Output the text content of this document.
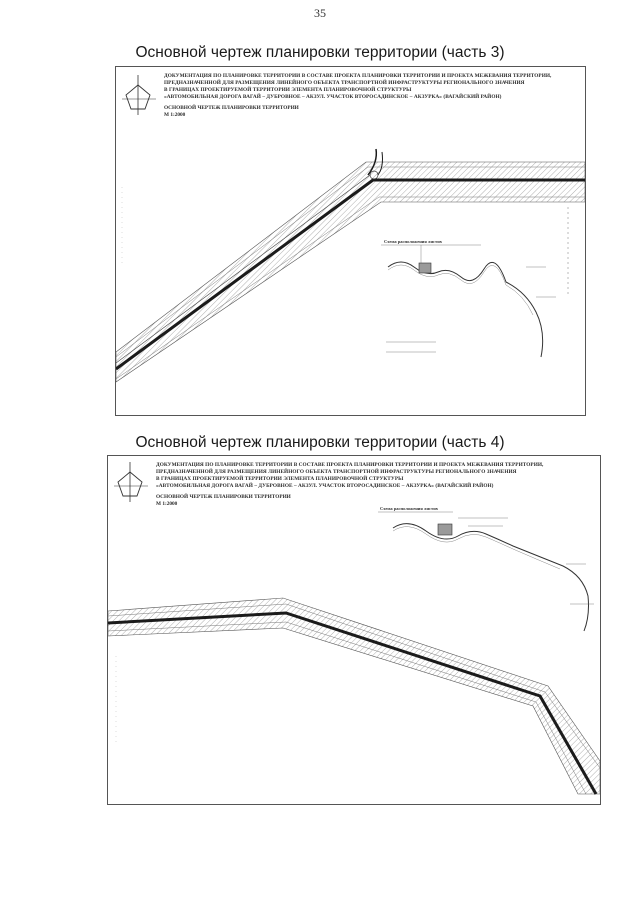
35
Основной чертеж планировки территории (часть 3)
ДОКУМЕНТАЦИЯ ПО ПЛАНИРОВКЕ ТЕРРИТОРИИ В СОСТАВЕ ПРОЕКТА ПЛАНИРОВКИ ТЕРРИТОРИИ И ПРОЕКТА МЕЖЕВАНИЯ ТЕРРИТОРИИ,
ПРЕДНАЗНАЧЕННОЙ ДЛЯ РАЗМЕЩЕНИЯ ЛИНЕЙНОГО ОБЪЕКТА ТРАНСПОРТНОЙ ИНФРАСТРУКТУРЫ РЕГИОНАЛЬНОГО ЗНАЧЕНИЯ
В ГРАНИЦАХ ПРОЕКТИРУЕМОЙ ТЕРРИТОРИИ ЭЛЕМЕНТА ПЛАНИРОВОЧНОЙ СТРУКТУРЫ
«АВТОМОБИЛЬНАЯ ДОРОГА ВАГАЙ – ДУБРОВНОЕ – АКЗУЛ. УЧАСТОК ВТОРОСАДИНСКОЕ – АКЗУРКА» (ВАГАЙСКИЙ РАЙОН)
ОСНОВНОЙ ЧЕРТЕЖ ПЛАНИРОВКИ ТЕРРИТОРИИ
М 1:2000
Схема расположения листов
Основной чертеж планировки территории (часть 4)
ДОКУМЕНТАЦИЯ ПО ПЛАНИРОВКЕ ТЕРРИТОРИИ В СОСТАВЕ ПРОЕКТА ПЛАНИРОВКИ ТЕРРИТОРИИ И ПРОЕКТА МЕЖЕВАНИЯ ТЕРРИТОРИИ,
ПРЕДНАЗНАЧЕННОЙ ДЛЯ РАЗМЕЩЕНИЯ ЛИНЕЙНОГО ОБЪЕКТА ТРАНСПОРТНОЙ ИНФРАСТРУКТУРЫ РЕГИОНАЛЬНОГО ЗНАЧЕНИЯ
В ГРАНИЦАХ ПРОЕКТИРУЕМОЙ ТЕРРИТОРИИ ЭЛЕМЕНТА ПЛАНИРОВОЧНОЙ СТРУКТУРЫ
«АВТОМОБИЛЬНАЯ ДОРОГА ВАГАЙ – ДУБРОВНОЕ – АКЗУЛ. УЧАСТОК ВТОРОСАДИНСКОЕ – АКЗУРКА» (ВАГАЙСКИЙ РАЙОН)
ОСНОВНОЙ ЧЕРТЕЖ ПЛАНИРОВКИ ТЕРРИТОРИИ
М 1:2000
Схема расположения листов
